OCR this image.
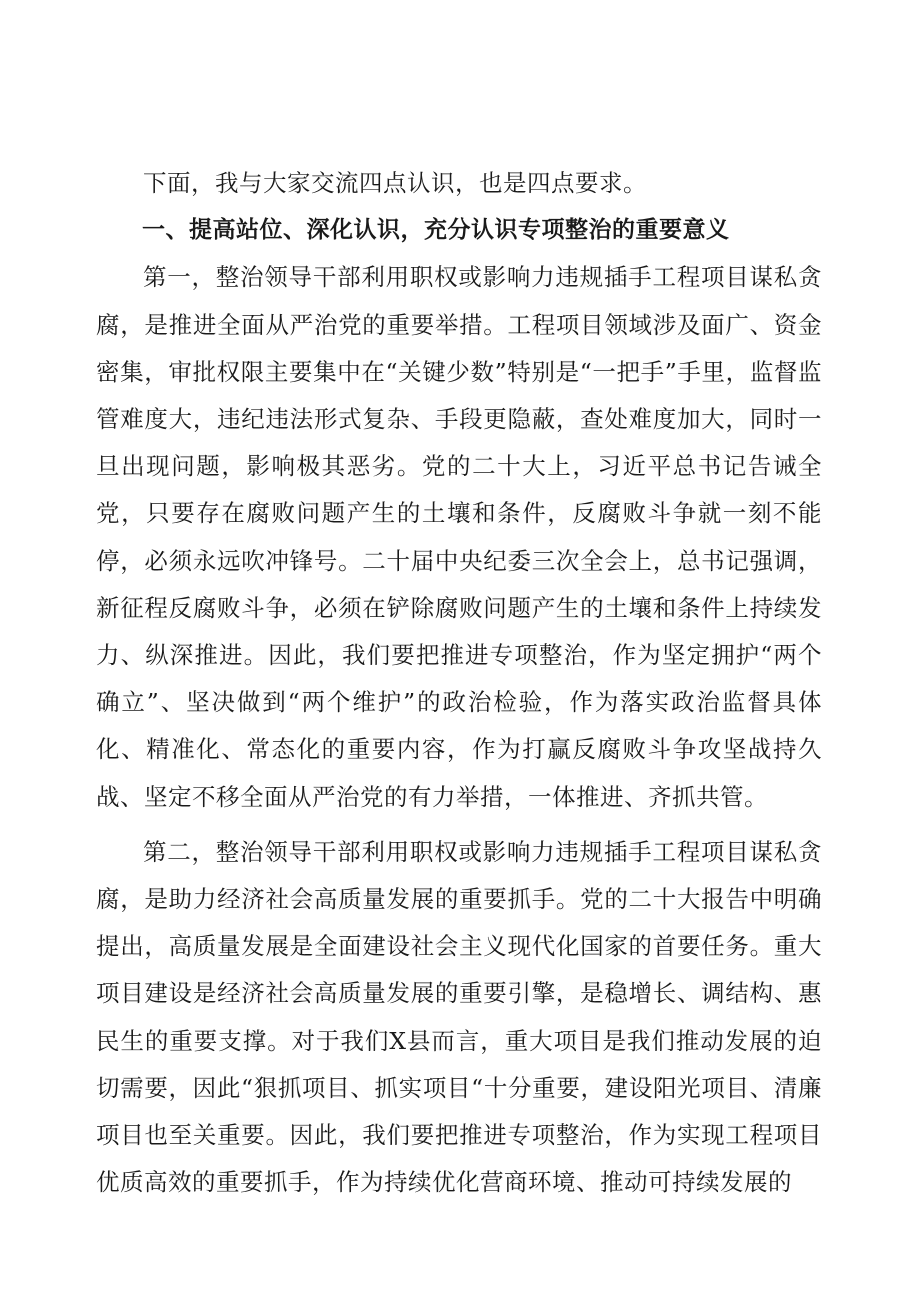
下面，我与大家交流四点认识，也是四点要求。

一、提高站位、深化认识，充分认识专项整治的重要意义

第一，整治领导干部利用职权或影响力违规插手工程项目谋私贪腐，是推进全面从严治党的重要举措。工程项目领域涉及面广、资金密集，审批权限主要集中在“关键少数”特别是“一把手”手里，监督监管难度大，违纪违法形式复杂、手段更隐蔽，查处难度加大，同时一旦出现问题，影响极其恶劣。党的二十大上，习近平总书记告诫全党，只要存在腐败问题产生的土壤和条件，反腐败斗争就一刻不能停，必须永远吹冲锋号。二十届中央纪委三次全会上，总书记强调，新征程反腐败斗争，必须在铲除腐败问题产生的土壤和条件上持续发力、纵深推进。因此，我们要把推进专项整治，作为坚定拥护“两个确立”、坚决做到“两个维护”的政治检验，作为落实政治监督具体化、精准化、常态化的重要内容，作为打赢反腐败斗争攻坚战持久战、坚定不移全面从严治党的有力举措，一体推进、齐抓共管。

第二，整治领导干部利用职权或影响力违规插手工程项目谋私贪腐，是助力经济社会高质量发展的重要抓手。党的二十大报告中明确提出，高质量发展是全面建设社会主义现代化国家的首要任务。重大项目建设是经济社会高质量发展的重要引擎，是稳增长、调结构、惠民生的重要支撑。对于我们X县而言，重大项目是我们推动发展的迫切需要，因此“狠抓项目、抓实项目“十分重要，建设阳光项目、清廉项目也至关重要。因此，我们要把推进专项整治，作为实现工程项目优质高效的重要抓手，作为持续优化营商环境、推动可持续发展的
